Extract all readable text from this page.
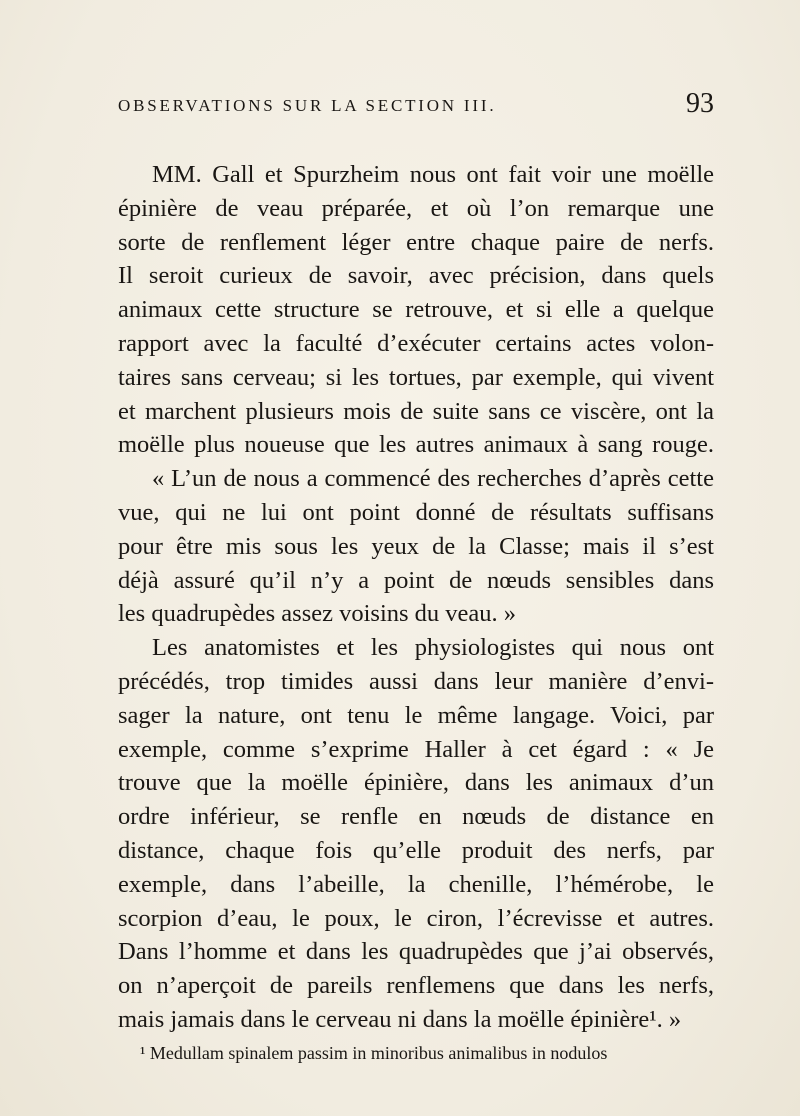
OBSERVATIONS SUR LA SECTION III.	93
MM. Gall et Spurzheim nous ont fait voir une moëlle
épinière de veau préparée, et où l’on remarque une
sorte de renflement léger entre chaque paire de nerfs.
Il seroit curieux de savoir, avec précision, dans quels
animaux cette structure se retrouve, et si elle a quelque
rapport avec la faculté d’exécuter certains actes volon-
taires sans cerveau; si les tortues, par exemple, qui vivent
et marchent plusieurs mois de suite sans ce viscère, ont la
moëlle plus noueuse que les autres animaux à sang rouge.
« L’un de nous a commencé des recherches d’après cette
vue, qui ne lui ont point donné de résultats suffisans
pour être mis sous les yeux de la Classe; mais il s’est
déjà assuré qu’il n’y a point de nœuds sensibles dans
les quadrupèdes assez voisins du veau. »
Les anatomistes et les physiologistes qui nous ont
précédés, trop timides aussi dans leur manière d’envi-
sager la nature, ont tenu le même langage. Voici, par
exemple, comme s’exprime Haller à cet égard : « Je
trouve que la moëlle épinière, dans les animaux d’un
ordre inférieur, se renfle en nœuds de distance en
distance, chaque fois qu’elle produit des nerfs, par
exemple, dans l’abeille, la chenille, l’hémérobe, le
scorpion d’eau, le poux, le ciron, l’écrevisse et autres.
Dans l’homme et dans les quadrupèdes que j’ai observés,
on n’aperçoit de pareils renflemens que dans les nerfs,
mais jamais dans le cerveau ni dans la moëlle épinière¹. »
¹ Medullam spinalem passim in minoribus animalibus in nodulos
